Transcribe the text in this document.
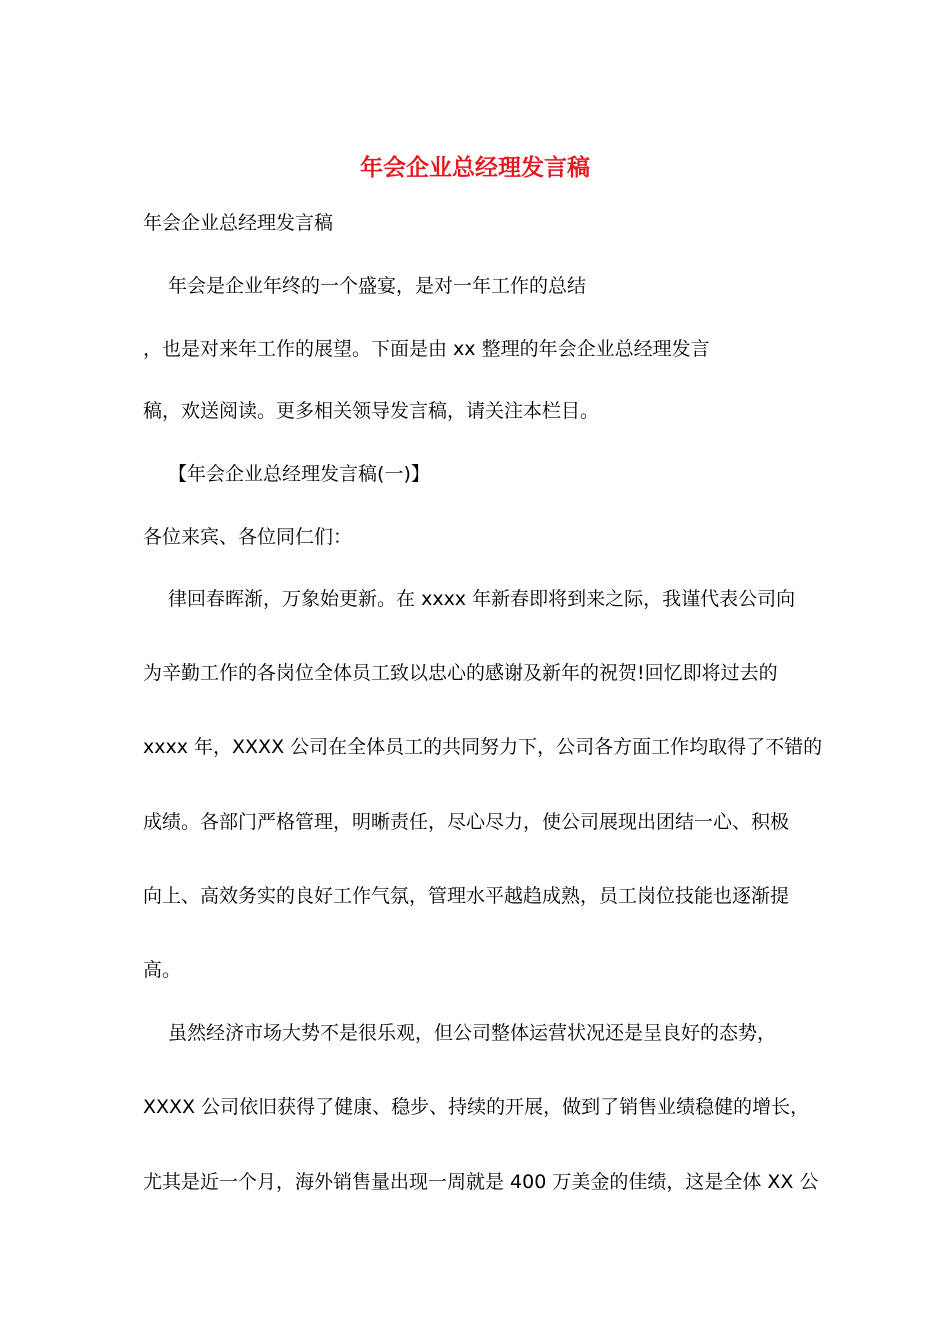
年会企业总经理发言稿
年会企业总经理发言稿
　 年会是企业年终的一个盛宴，是对一年工作的总结
，也是对来年工作的展望。下面是由 xx 整理的年会企业总经理发言
稿，欢送阅读。更多相关领导发言稿，请关注本栏目。
　 【年会企业总经理发言稿(一)】
各位来宾、各位同仁们：
　 律回春晖渐，万象始更新。在 xxxx 年新春即将到来之际，我谨代表公司向
为辛勤工作的各岗位全体员工致以忠心的感谢及新年的祝贺!回忆即将过去的
xxxx 年，XXXX 公司在全体员工的共同努力下，公司各方面工作均取得了不错的
成绩。各部门严格管理，明晰责任，尽心尽力，使公司展现出团结一心、积极
向上、高效务实的良好工作气氛，管理水平越趋成熟，员工岗位技能也逐渐提
高。
　 虽然经济市场大势不是很乐观，但公司整体运营状况还是呈良好的态势，
XXXX 公司依旧获得了健康、稳步、持续的开展，做到了销售业绩稳健的增长，
尤其是近一个月，海外销售量出现一周就是 400 万美金的佳绩，这是全体 XX 公
